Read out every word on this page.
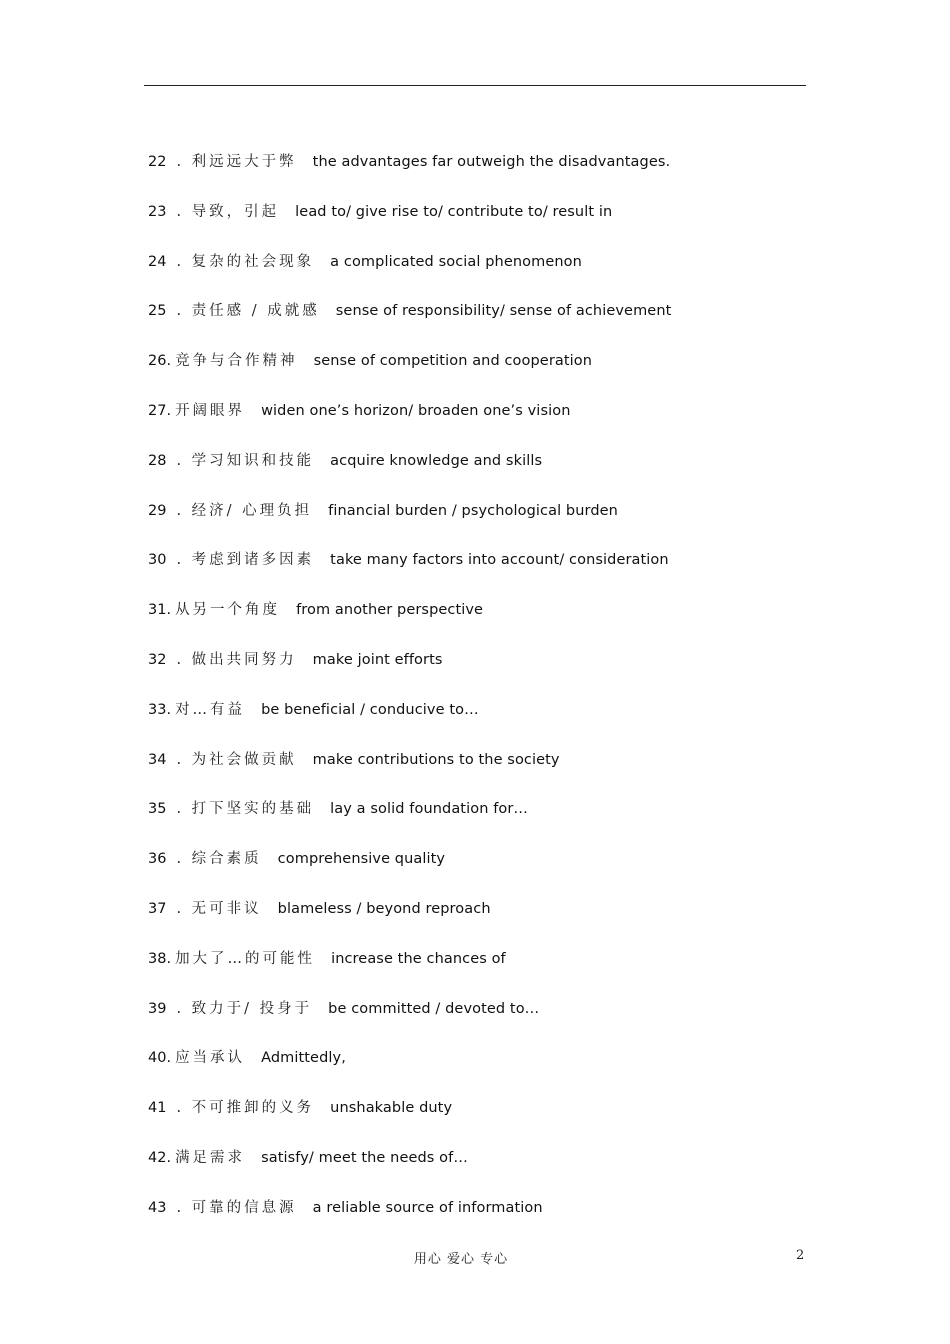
22 . 利远远大于弊 the advantages far outweigh the disadvantages.
23 . 导致，引起 lead to/ give rise to/ contribute to/ result in
24 . 复杂的社会现象 a complicated social phenomenon
25 . 责任感 / 成就感 sense of responsibility/ sense of achievement
26. 竞争与合作精神 sense of competition and cooperation
27. 开阔眼界 widen one’s horizon/ broaden one’s vision
28 . 学习知识和技能 acquire knowledge and skills
29 . 经济/ 心理负担 financial burden / psychological burden
30 . 考虑到诸多因素 take many factors into account/ consideration
31. 从另一个角度 from another perspective
32 . 做出共同努力 make joint efforts
33. 对…有益 be beneficial / conducive to…
34 . 为社会做贡献 make contributions to the society
35 . 打下坚实的基础 lay a solid foundation for…
36 . 综合素质 comprehensive quality
37 . 无可非议 blameless / beyond reproach
38. 加大了…的可能性 increase the chances of
39 . 致力于/ 投身于 be committed / devoted to…
40. 应当承认 Admittedly,
41 . 不可推卸的义务 unshakable duty
42. 满足需求 satisfy/ meet the needs of…
43 . 可靠的信息源 a reliable source of information
用心 爱心 专心	2
